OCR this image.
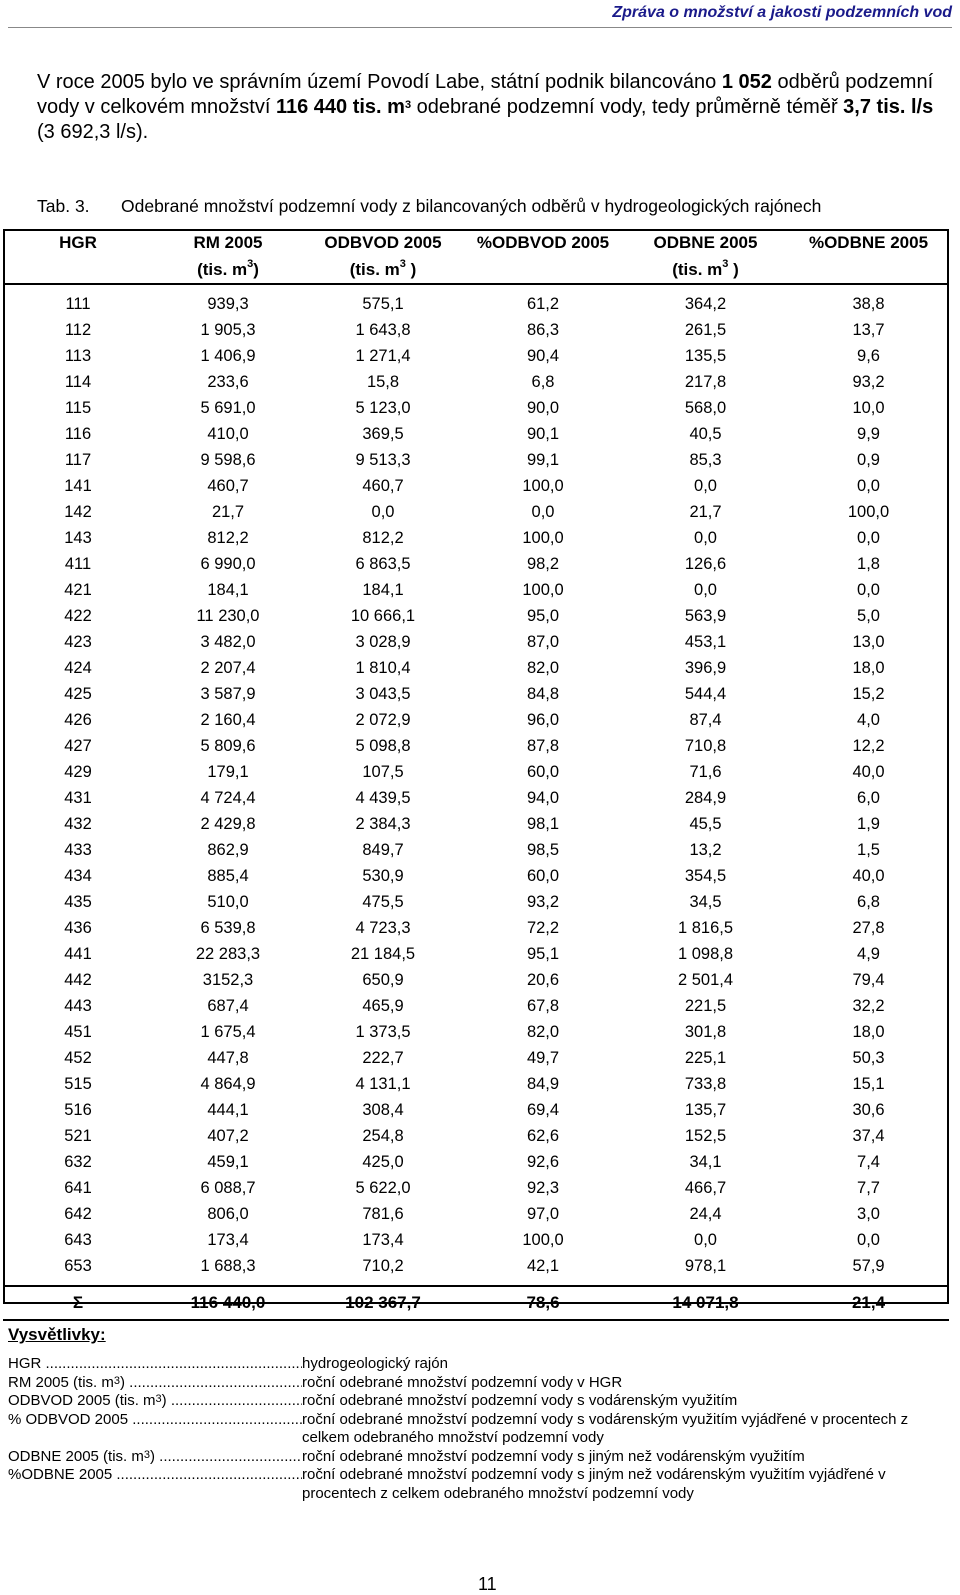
Zpráva o množství a jakosti podzemních vod
V roce 2005 bylo ve správním území Povodí Labe, státní podnik bilancováno 1 052 odběrů podzemní vody v celkovém množství 116 440 tis. $m^3$ odebrané podzemní vody, tedy průměrně téměř 3,7 tis. l/s (3 692,3 l/s).
Tab. 3. Odebrané množství podzemní vody z bilancovaných odběrů v hydrogeologických rajónech
HGR	RM 2005	ODBVOD 2005	%ODBVOD 2005	ODBNE 2005	%ODBNE 2005
	(tis. $m^3$)	(tis. $m^3$ )		(tis. $m^3$ )	
111	939,3	575,1	61,2	364,2	38,8
112	1 905,3	1 643,8	86,3	261,5	13,7
113	1 406,9	1 271,4	90,4	135,5	9,6
114	233,6	15,8	6,8	217,8	93,2
115	5 691,0	5 123,0	90,0	568,0	10,0
116	410,0	369,5	90,1	40,5	9,9
117	9 598,6	9 513,3	99,1	85,3	0,9
141	460,7	460,7	100,0	0,0	0,0
142	21,7	0,0	0,0	21,7	100,0
143	812,2	812,2	100,0	0,0	0,0
411	6 990,0	6 863,5	98,2	126,6	1,8
421	184,1	184,1	100,0	0,0	0,0
422	11 230,0	10 666,1	95,0	563,9	5,0
423	3 482,0	3 028,9	87,0	453,1	13,0
424	2 207,4	1 810,4	82,0	396,9	18,0
425	3 587,9	3 043,5	84,8	544,4	15,2
426	2 160,4	2 072,9	96,0	87,4	4,0
427	5 809,6	5 098,8	87,8	710,8	12,2
429	179,1	107,5	60,0	71,6	40,0
431	4 724,4	4 439,5	94,0	284,9	6,0
432	2 429,8	2 384,3	98,1	45,5	1,9
433	862,9	849,7	98,5	13,2	1,5
434	885,4	530,9	60,0	354,5	40,0
435	510,0	475,5	93,2	34,5	6,8
436	6 539,8	4 723,3	72,2	1 816,5	27,8
441	22 283,3	21 184,5	95,1	1 098,8	4,9
442	3152,3	650,9	20,6	2 501,4	79,4
443	687,4	465,9	67,8	221,5	32,2
451	1 675,4	1 373,5	82,0	301,8	18,0
452	447,8	222,7	49,7	225,1	50,3
515	4 864,9	4 131,1	84,9	733,8	15,1
516	444,1	308,4	69,4	135,7	30,6
521	407,2	254,8	62,6	152,5	37,4
632	459,1	425,0	92,6	34,1	7,4
641	6 088,7	5 622,0	92,3	466,7	7,7
642	806,0	781,6	97,0	24,4	3,0
643	173,4	173,4	100,0	0,0	0,0
653	1 688,3	710,2	42,1	978,1	57,9
Σ	116 440,0	102 367,7	78,6	14 071,8	21,4
Vysvětlivky:
HGR .....	hydrogeologický rajón
RM 2005 (tis. $m^3$) .....	roční odebrané množství podzemní vody v HGR
ODBVOD 2005 (tis. $m^3$) .....	roční odebrané množství podzemní vody s vodárenským využitím
% ODBVOD 2005 .....	roční odebrané množství podzemní vody s vodárenským využitím vyjádřené v procentech z celkem odebraného množství podzemní vody
ODBNE 2005 (tis. $m^3$) .....	roční odebrané množství podzemní vody s jiným než vodárenským využitím
%ODBNE 2005 .....	roční odebrané množství podzemní vody s jiným než vodárenským využitím vyjádřené v procentech z celkem odebraného množství podzemní vody
11
